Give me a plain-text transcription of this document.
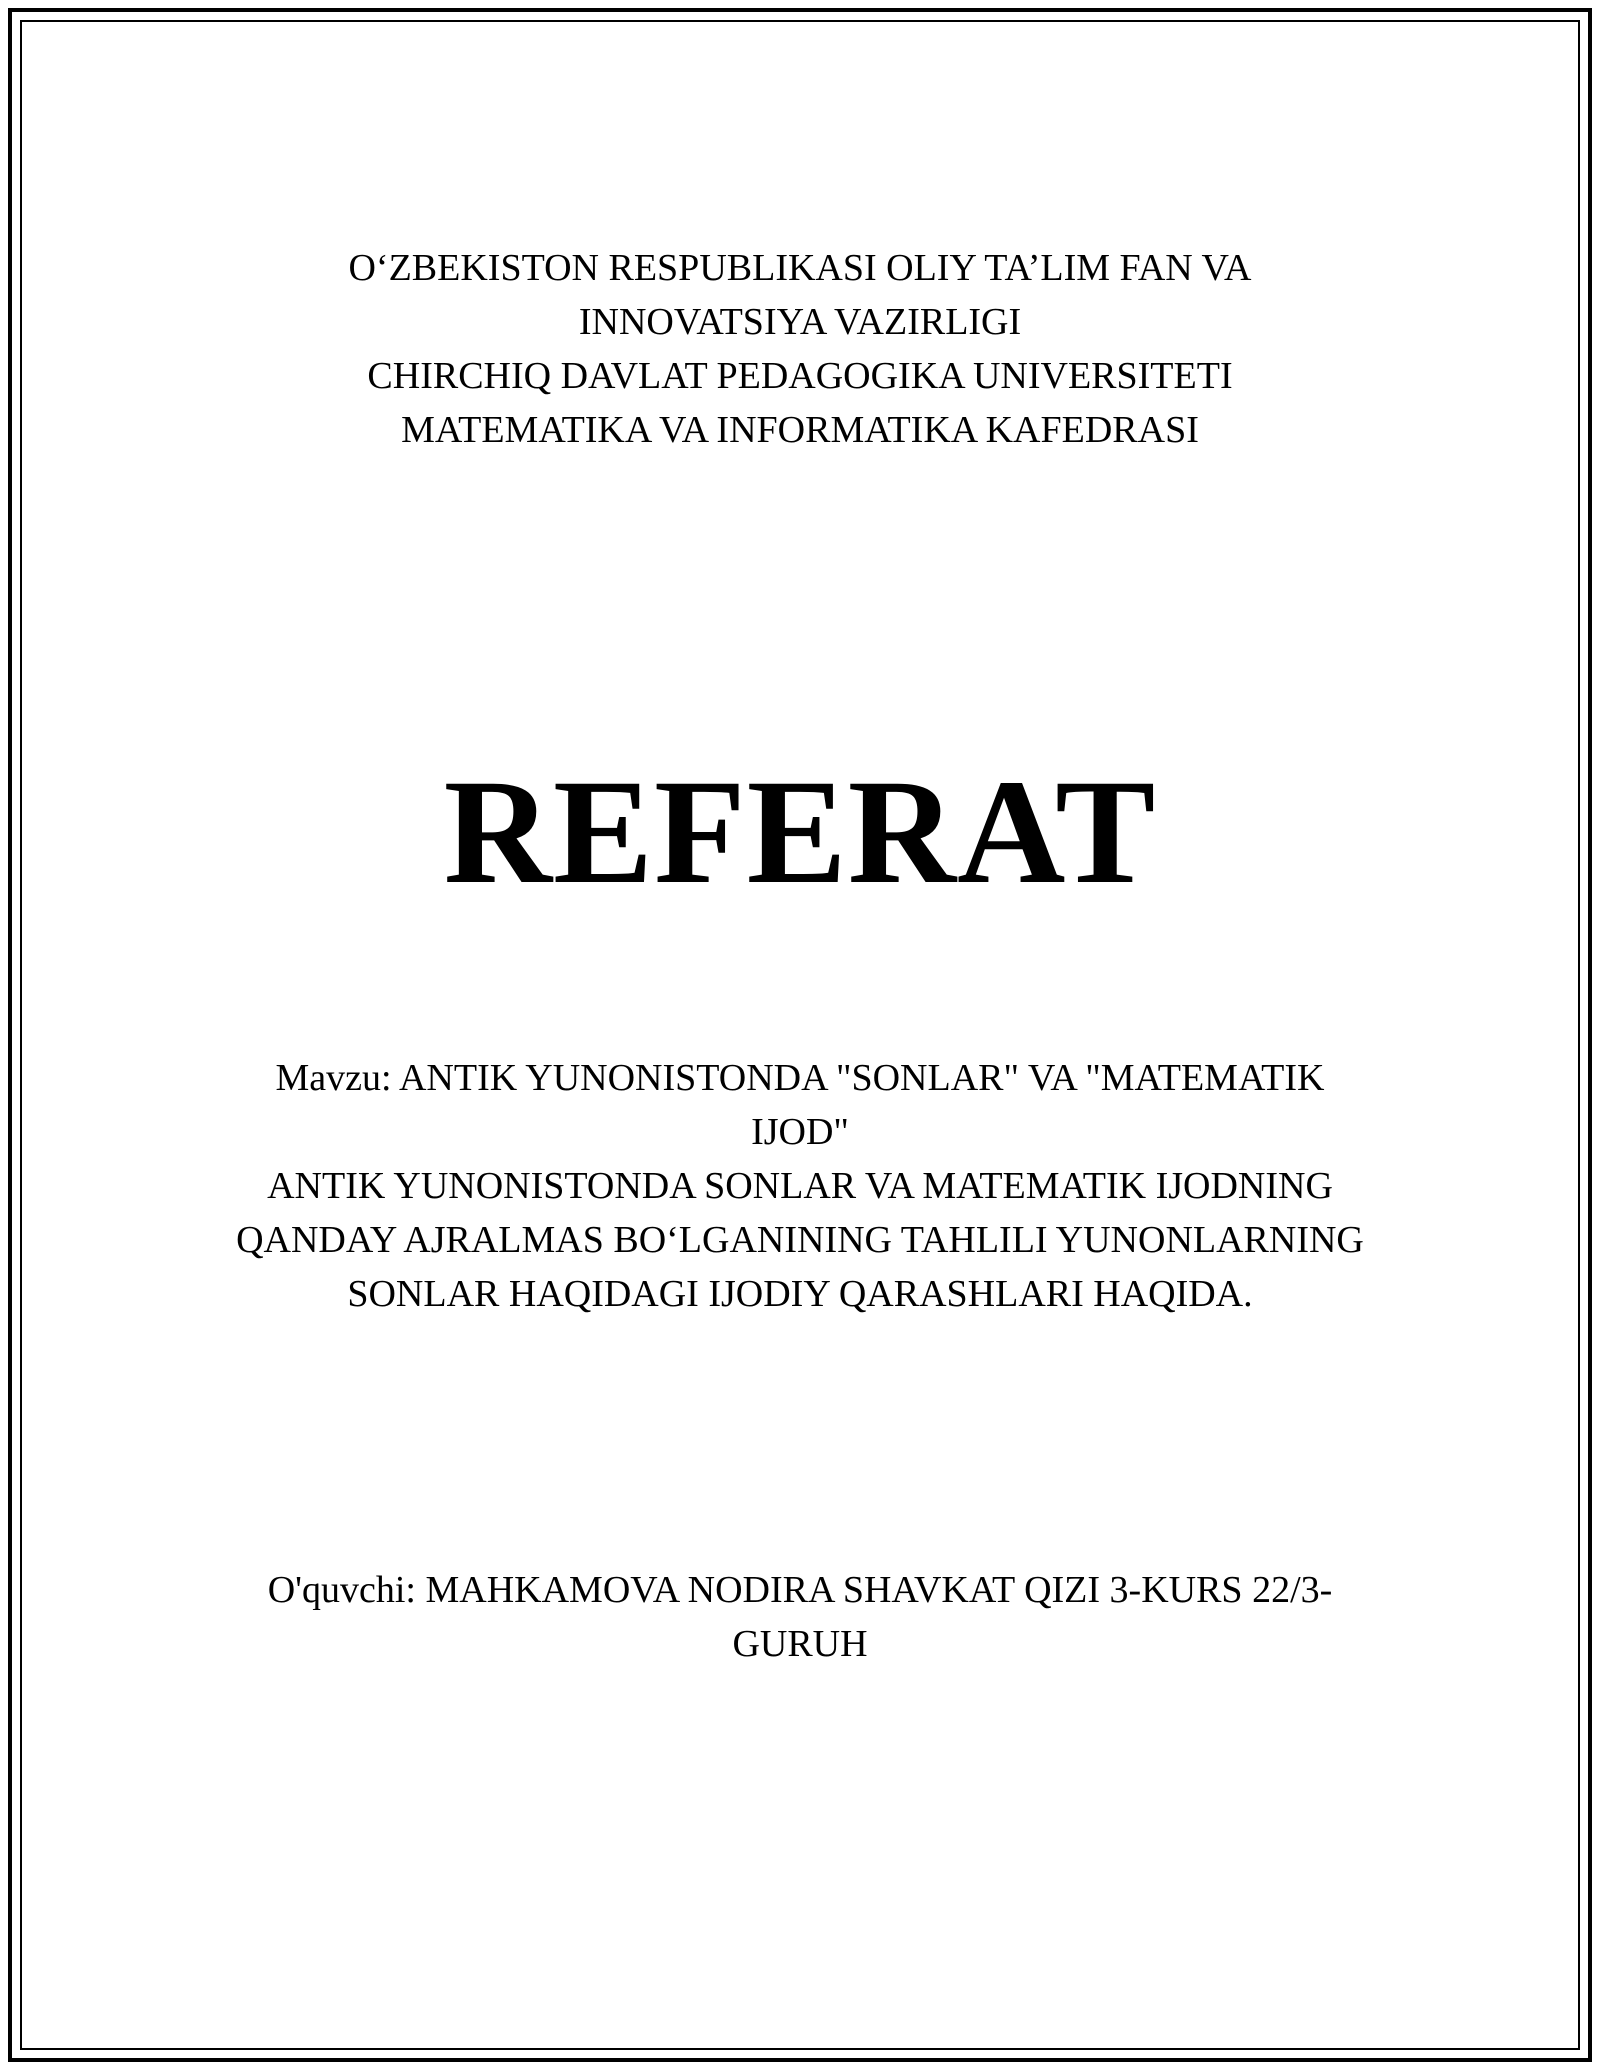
O‘ZBEKISTON RESPUBLIKASI OLIY TA’LIM FAN VA
INNOVATSIYA VAZIRLIGI
CHIRCHIQ DAVLAT PEDAGOGIKA UNIVERSITETI
MATEMATIKA VA INFORMATIKA KAFEDRASI
REFERAT
Mavzu: ANTIK YUNONISTONDA "SONLAR" VA "MATEMATIK
IJOD"
ANTIK YUNONISTONDA SONLAR VA MATEMATIK IJODNING
QANDAY AJRALMAS BO‘LGANINING TAHLILI YUNONLARNING
SONLAR HAQIDAGI IJODIY QARASHLARI HAQIDA.
O'quvchi: MAHKAMOVA NODIRA SHAVKAT QIZI 3-KURS 22/3-
GURUH
